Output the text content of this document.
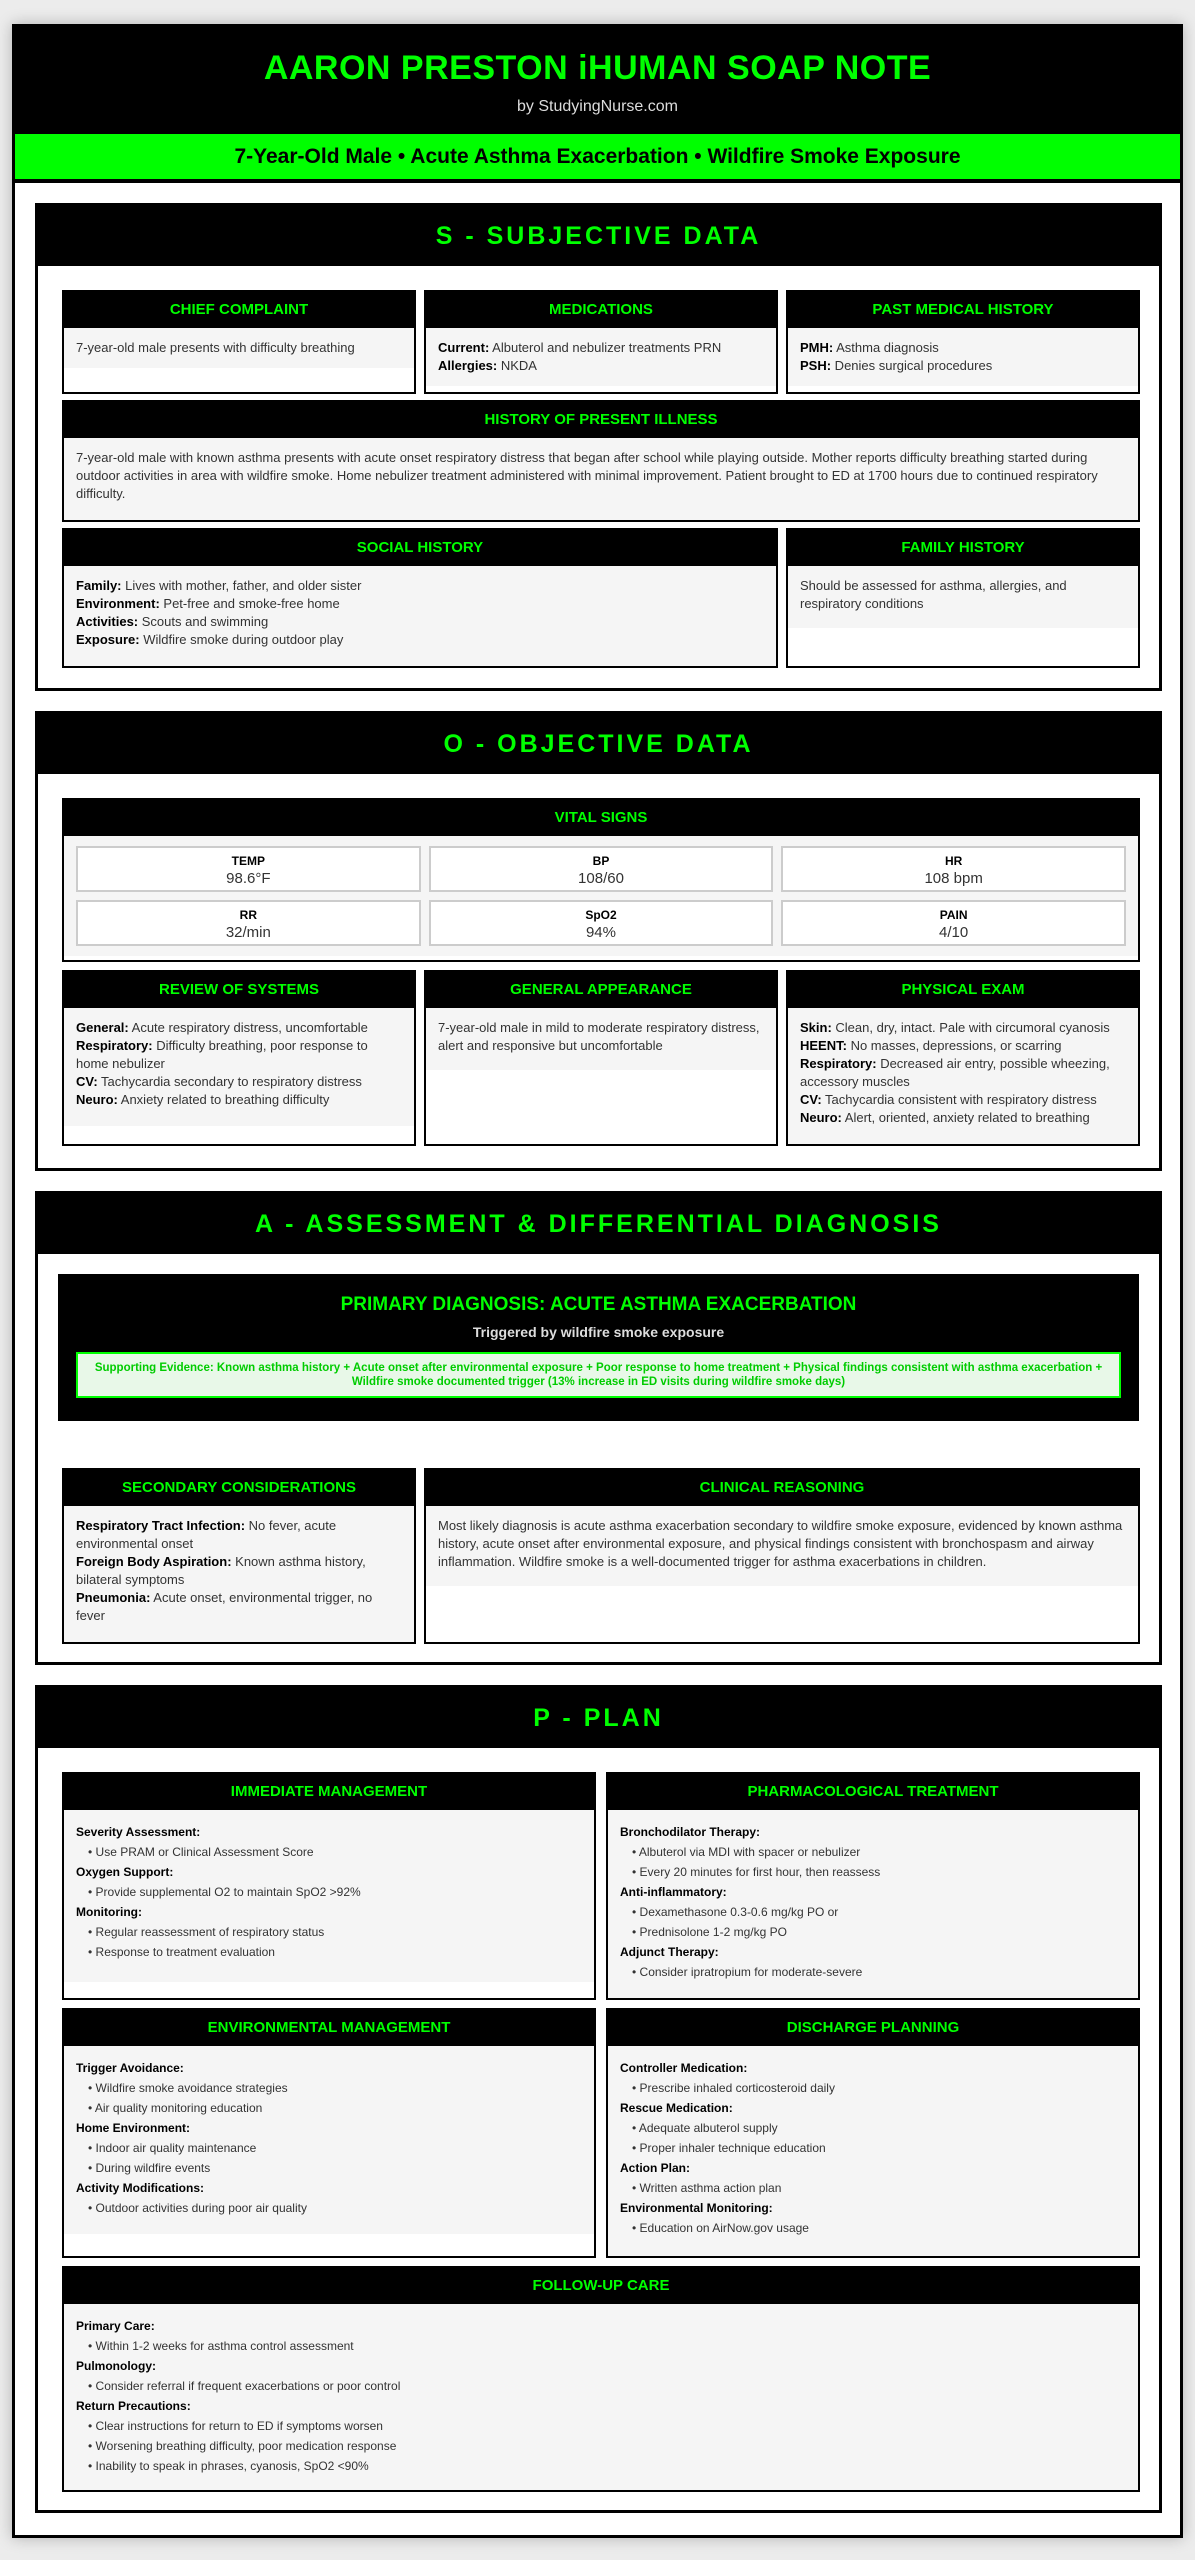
AARON PRESTON iHUMAN SOAP NOTE
by StudyingNurse.com
7-Year-Old Male • Acute Asthma Exacerbation • Wildfire Smoke Exposure
S - SUBJECTIVE DATA
CHIEF COMPLAINT
7-year-old male presents with difficulty breathing
MEDICATIONS
Current: Albuterol and nebulizer treatments PRN
Allergies: NKDA
PAST MEDICAL HISTORY
PMH: Asthma diagnosis
PSH: Denies surgical procedures
HISTORY OF PRESENT ILLNESS
7-year-old male with known asthma presents with acute onset respiratory distress that began after school while playing outside. Mother reports difficulty breathing started during outdoor activities in area with wildfire smoke. Home nebulizer treatment administered with minimal improvement. Patient brought to ED at 1700 hours due to continued respiratory difficulty.
SOCIAL HISTORY
Family: Lives with mother, father, and older sister
Environment: Pet-free and smoke-free home
Activities: Scouts and swimming
Exposure: Wildfire smoke during outdoor play
FAMILY HISTORY
Should be assessed for asthma, allergies, and respiratory conditions
O - OBJECTIVE DATA
VITAL SIGNS
TEMP
98.6°F
BP
108/60
HR
108 bpm
RR
32/min
SpO2
94%
PAIN
4/10
REVIEW OF SYSTEMS
General: Acute respiratory distress, uncomfortable
Respiratory: Difficulty breathing, poor response to home nebulizer
CV: Tachycardia secondary to respiratory distress
Neuro: Anxiety related to breathing difficulty
GENERAL APPEARANCE
7-year-old male in mild to moderate respiratory distress, alert and responsive but uncomfortable
PHYSICAL EXAM
Skin: Clean, dry, intact. Pale with circumoral cyanosis
HEENT: No masses, depressions, or scarring
Respiratory: Decreased air entry, possible wheezing, accessory muscles
CV: Tachycardia consistent with respiratory distress
Neuro: Alert, oriented, anxiety related to breathing
A - ASSESSMENT & DIFFERENTIAL DIAGNOSIS
PRIMARY DIAGNOSIS: ACUTE ASTHMA EXACERBATION
Triggered by wildfire smoke exposure
Supporting Evidence: Known asthma history + Acute onset after environmental exposure + Poor response to home treatment + Physical findings consistent with asthma exacerbation + Wildfire smoke documented trigger (13% increase in ED visits during wildfire smoke days)
SECONDARY CONSIDERATIONS
Respiratory Tract Infection: No fever, acute environmental onset
Foreign Body Aspiration: Known asthma history, bilateral symptoms
Pneumonia: Acute onset, environmental trigger, no fever
CLINICAL REASONING
Most likely diagnosis is acute asthma exacerbation secondary to wildfire smoke exposure, evidenced by known asthma history, acute onset after environmental exposure, and physical findings consistent with bronchospasm and airway inflammation. Wildfire smoke is a well-documented trigger for asthma exacerbations in children.
P - PLAN
IMMEDIATE MANAGEMENT
Severity Assessment:
• Use PRAM or Clinical Assessment Score
Oxygen Support:
• Provide supplemental O2 to maintain SpO2 >92%
Monitoring:
• Regular reassessment of respiratory status
• Response to treatment evaluation
PHARMACOLOGICAL TREATMENT
Bronchodilator Therapy:
• Albuterol via MDI with spacer or nebulizer
• Every 20 minutes for first hour, then reassess
Anti-inflammatory:
• Dexamethasone 0.3-0.6 mg/kg PO or
• Prednisolone 1-2 mg/kg PO
Adjunct Therapy:
• Consider ipratropium for moderate-severe
ENVIRONMENTAL MANAGEMENT
Trigger Avoidance:
• Wildfire smoke avoidance strategies
• Air quality monitoring education
Home Environment:
• Indoor air quality maintenance
• During wildfire events
Activity Modifications:
• Outdoor activities during poor air quality
DISCHARGE PLANNING
Controller Medication:
• Prescribe inhaled corticosteroid daily
Rescue Medication:
• Adequate albuterol supply
• Proper inhaler technique education
Action Plan:
• Written asthma action plan
Environmental Monitoring:
• Education on AirNow.gov usage
FOLLOW-UP CARE
Primary Care:
• Within 1-2 weeks for asthma control assessment
Pulmonology:
• Consider referral if frequent exacerbations or poor control
Return Precautions:
• Clear instructions for return to ED if symptoms worsen
• Worsening breathing difficulty, poor medication response
• Inability to speak in phrases, cyanosis, SpO2 <90%
